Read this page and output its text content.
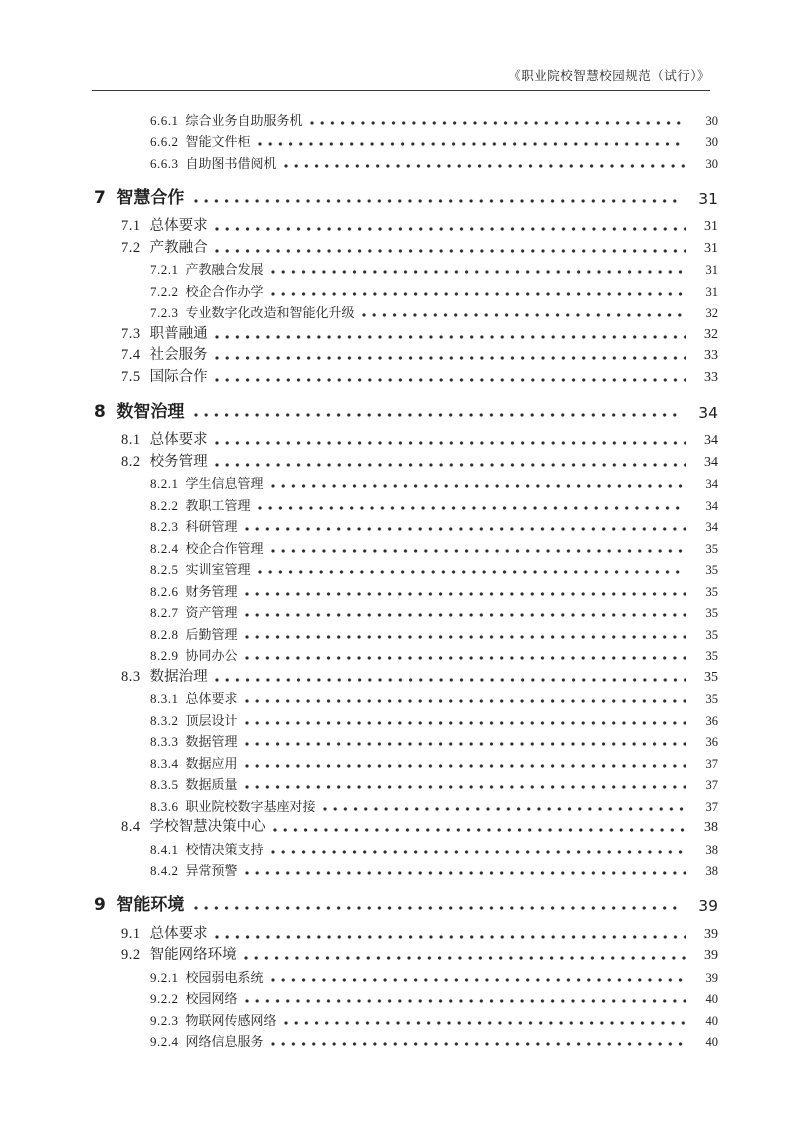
《职业院校智慧校园规范（试行）》
6.6.1 综合业务自助服务机	30
6.6.2 智能文件柜	30
6.6.3 自助图书借阅机	30
7 智慧合作	31
7.1 总体要求	31
7.2 产教融合	31
7.2.1 产教融合发展	31
7.2.2 校企合作办学	31
7.2.3 专业数字化改造和智能化升级	32
7.3 职普融通	32
7.4 社会服务	33
7.5 国际合作	33
8 数智治理	34
8.1 总体要求	34
8.2 校务管理	34
8.2.1 学生信息管理	34
8.2.2 教职工管理	34
8.2.3 科研管理	34
8.2.4 校企合作管理	35
8.2.5 实训室管理	35
8.2.6 财务管理	35
8.2.7 资产管理	35
8.2.8 后勤管理	35
8.2.9 协同办公	35
8.3 数据治理	35
8.3.1 总体要求	35
8.3.2 顶层设计	36
8.3.3 数据管理	36
8.3.4 数据应用	37
8.3.5 数据质量	37
8.3.6 职业院校数字基座对接	37
8.4 学校智慧决策中心	38
8.4.1 校情决策支持	38
8.4.2 异常预警	38
9 智能环境	39
9.1 总体要求	39
9.2 智能网络环境	39
9.2.1 校园弱电系统	39
9.2.2 校园网络	40
9.2.3 物联网传感网络	40
9.2.4 网络信息服务	40
